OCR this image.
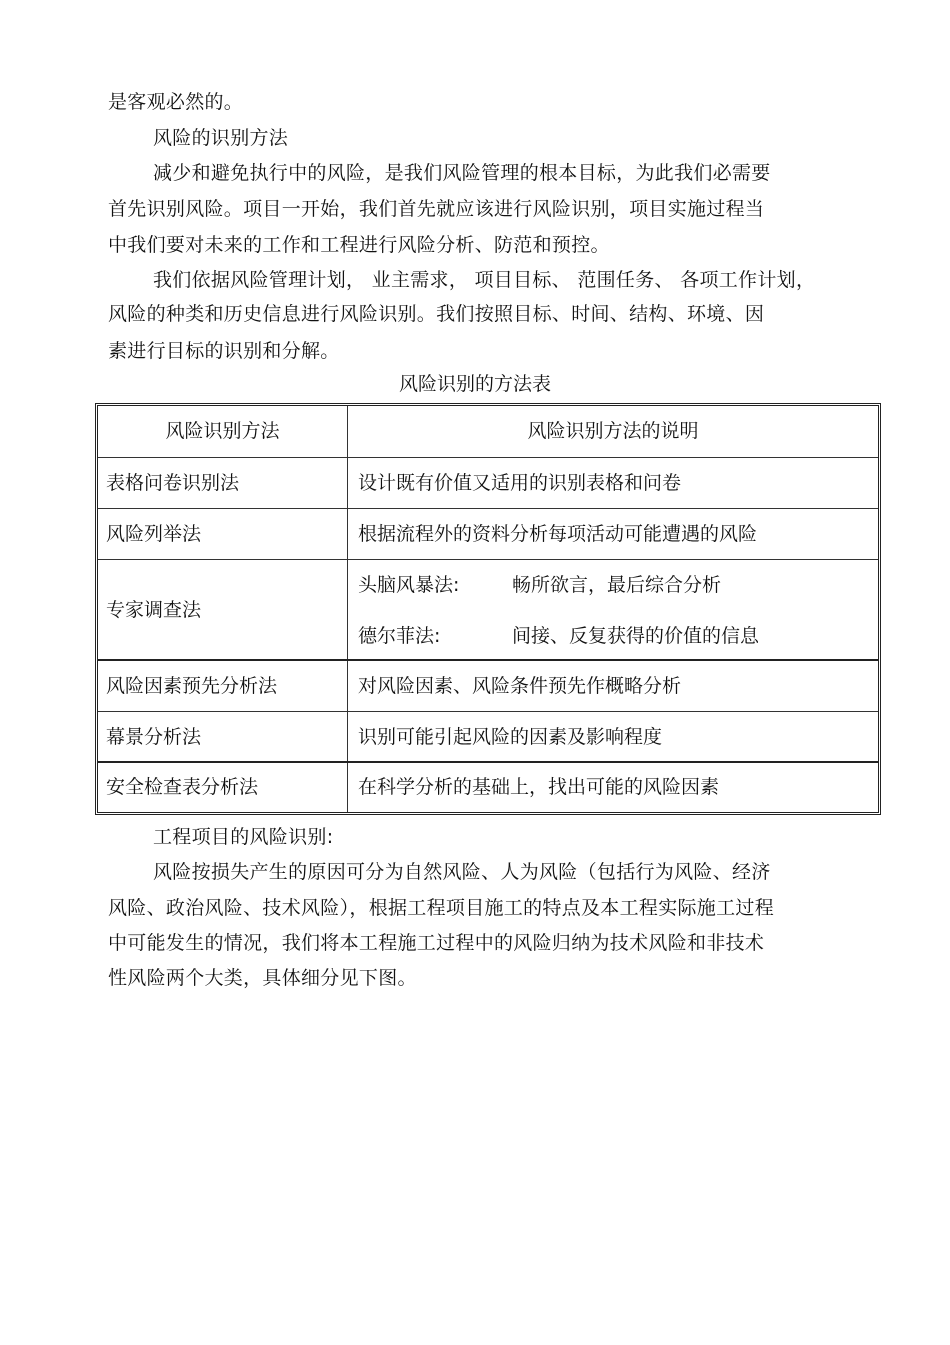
是客观必然的。
风险的识别方法
减少和避免执行中的风险，是我们风险管理的根本目标，为此我们必需要
首先识别风险。项目一开始，我们首先就应该进行风险识别，项目实施过程当
中我们要对未来的工作和工程进行风险分析、防范和预控。
我们依据风险管理计划， 业主需求， 项目目标、 范围任务、 各项工作计划，
风险的种类和历史信息进行风险识别。我们按照目标、时间、结构、环境、因
素进行目标的识别和分解。
风险识别的方法表
风险识别方法	风险识别方法的说明
表格问卷识别法	设计既有价值又适用的识别表格和问卷
风险列举法	根据流程外的资料分析每项活动可能遭遇的风险
专家调查法
头脑风暴法:	畅所欲言，最后综合分析
德尔菲法:	间接、反复获得的价值的信息
风险因素预先分析法	对风险因素、风险条件预先作概略分析
幕景分析法	识别可能引起风险的因素及影响程度
安全检查表分析法	在科学分析的基础上，找出可能的风险因素
工程项目的风险识别:
风险按损失产生的原因可分为自然风险、人为风险（包括行为风险、经济
风险、政治风险、技术风险），根据工程项目施工的特点及本工程实际施工过程
中可能发生的情况，我们将本工程施工过程中的风险归纳为技术风险和非技术
性风险两个大类，具体细分见下图。
